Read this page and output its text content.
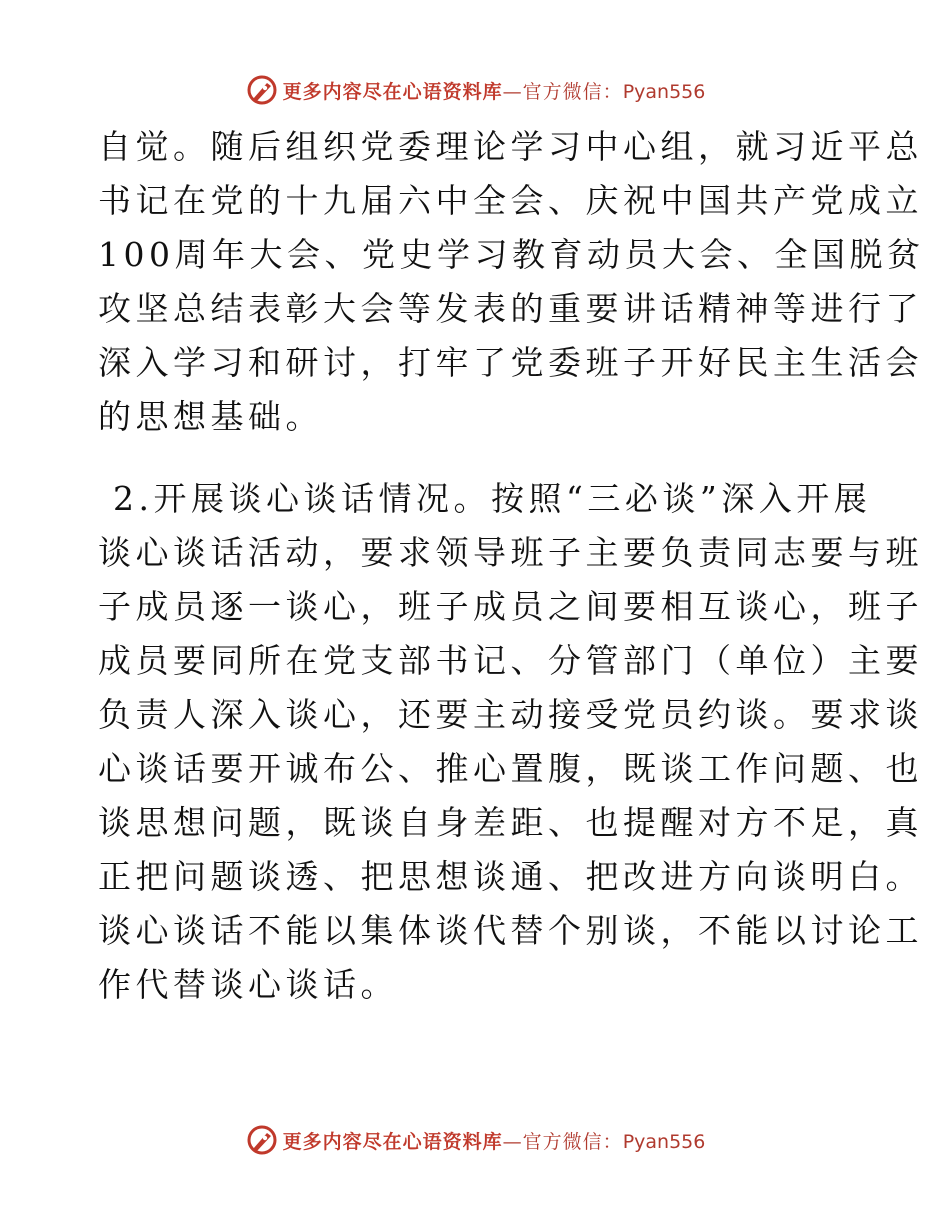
更多内容尽在心语资料库—官方微信：Pyan556
自觉。随后组织党委理论学习中心组，就习近平总
书记在党的十九届六中全会、庆祝中国共产党成立
100周年大会、党史学习教育动员大会、全国脱贫
攻坚总结表彰大会等发表的重要讲话精神等进行了
深入学习和研讨，打牢了党委班子开好民主生活会
的思想基础。
2.开展谈心谈话情况。按照“三必谈”深入开展
谈心谈话活动，要求领导班子主要负责同志要与班
子成员逐一谈心，班子成员之间要相互谈心，班子
成员要同所在党支部书记、分管部门（单位）主要
负责人深入谈心，还要主动接受党员约谈。要求谈
心谈话要开诚布公、推心置腹，既谈工作问题、也
谈思想问题，既谈自身差距、也提醒对方不足，真
正把问题谈透、把思想谈通、把改进方向谈明白。
谈心谈话不能以集体谈代替个别谈，不能以讨论工
作代替谈心谈话。
更多内容尽在心语资料库—官方微信：Pyan556
